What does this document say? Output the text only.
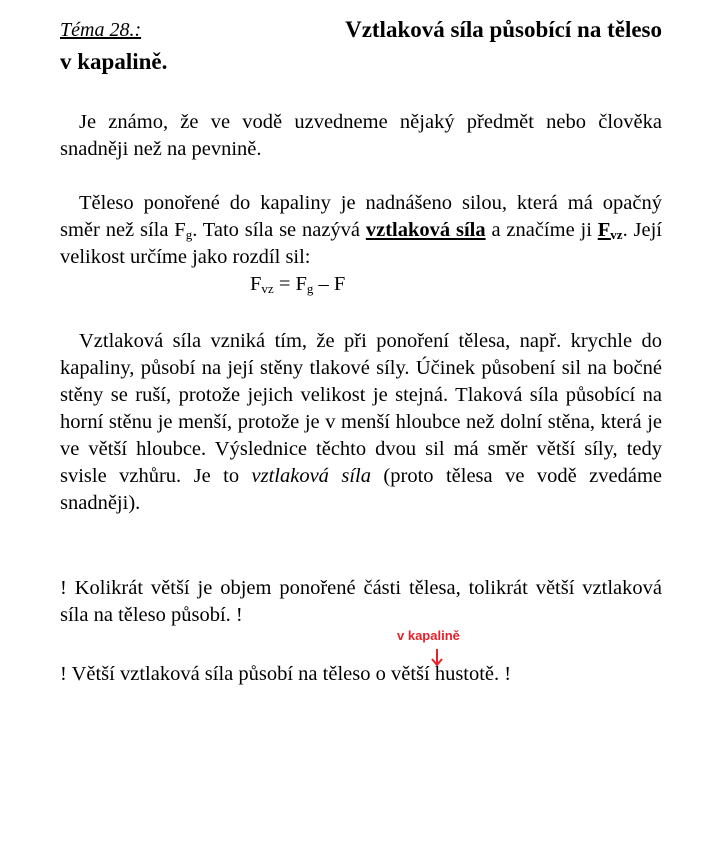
Téma 28.:	Vztlaková síla působící na těleso
v kapalině.

Je známo, že ve vodě uzvedneme nějaký předmět nebo člověka snadněji než na pevnině.

Těleso ponořené do kapaliny je nadnášeno silou, která má opačný směr než síla $F_g$. Tato síla se nazývá vztlaková síla a značíme ji $F_{vz}$. Její velikost určíme jako rozdíl sil:

$F_{vz} = F_g - F$

Vztlaková síla vzniká tím, že při ponoření tělesa, např. krychle do kapaliny, působí na její stěny tlakové síly. Účinek působení sil na bočné stěny se ruší, protože jejich velikost je stejná. Tlaková síla působící na horní stěnu je menší, protože je v menší hloubce než dolní stěna, která je ve větší hloubce. Výslednice těchto dvou sil má směr větší síly, tedy svisle vzhůru. Je to vztlaková síla (proto tělesa ve vodě zvedáme snadněji).

! Kolikrát větší je objem ponořené části tělesa, tolikrát větší vztlaková síla na těleso působí. !

v kapalině

! Větší vztlaková síla působí na těleso o větší hustotě. !
